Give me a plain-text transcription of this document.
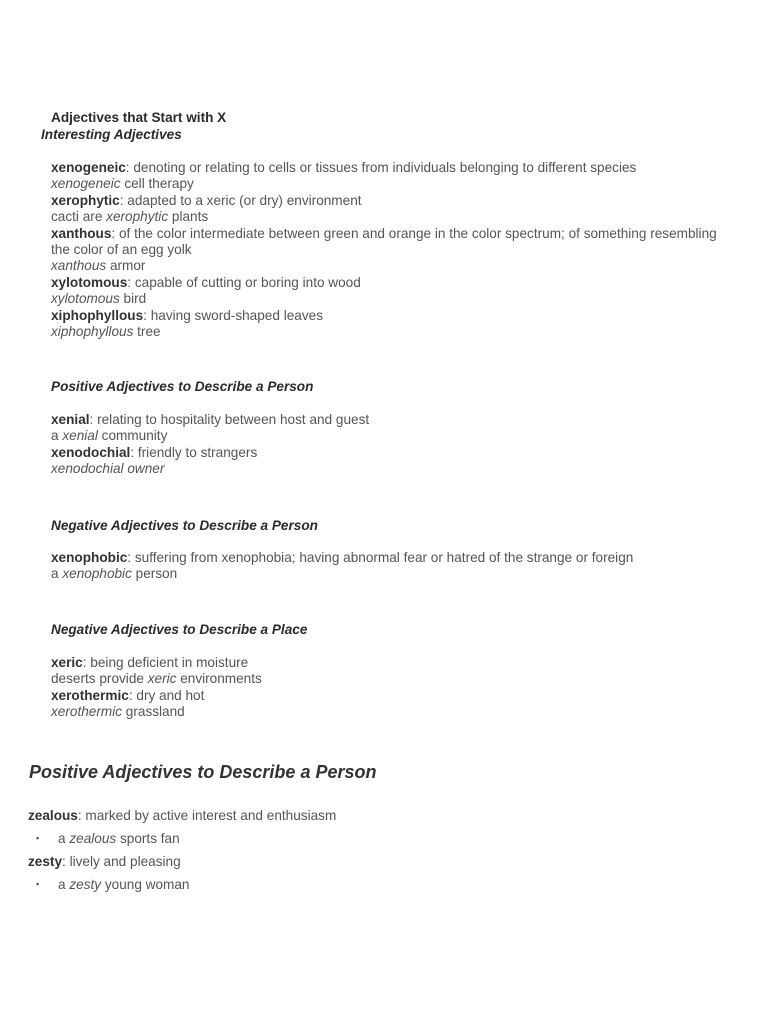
Adjectives that Start with X
Interesting Adjectives
xenogeneic: denoting or relating to cells or tissues from individuals belonging to different species
xenogeneic cell therapy
xerophytic: adapted to a xeric (or dry) environment
cacti are xerophytic plants
xanthous: of the color intermediate between green and orange in the color spectrum; of something resembling
the color of an egg yolk
xanthous armor
xylotomous: capable of cutting or boring into wood
xylotomous bird
xiphophyllous: having sword-shaped leaves
xiphophyllous tree
Positive Adjectives to Describe a Person
xenial: relating to hospitality between host and guest
a xenial community
xenodochial: friendly to strangers
xenodochial owner
Negative Adjectives to Describe a Person
xenophobic: suffering from xenophobia; having abnormal fear or hatred of the strange or foreign
a xenophobic person
Negative Adjectives to Describe a Place
xeric: being deficient in moisture
deserts provide xeric environments
xerothermic: dry and hot
xerothermic grassland
Positive Adjectives to Describe a Person
zealous: marked by active interest and enthusiasm
▪ a zealous sports fan
zesty: lively and pleasing
▪ a zesty young woman
